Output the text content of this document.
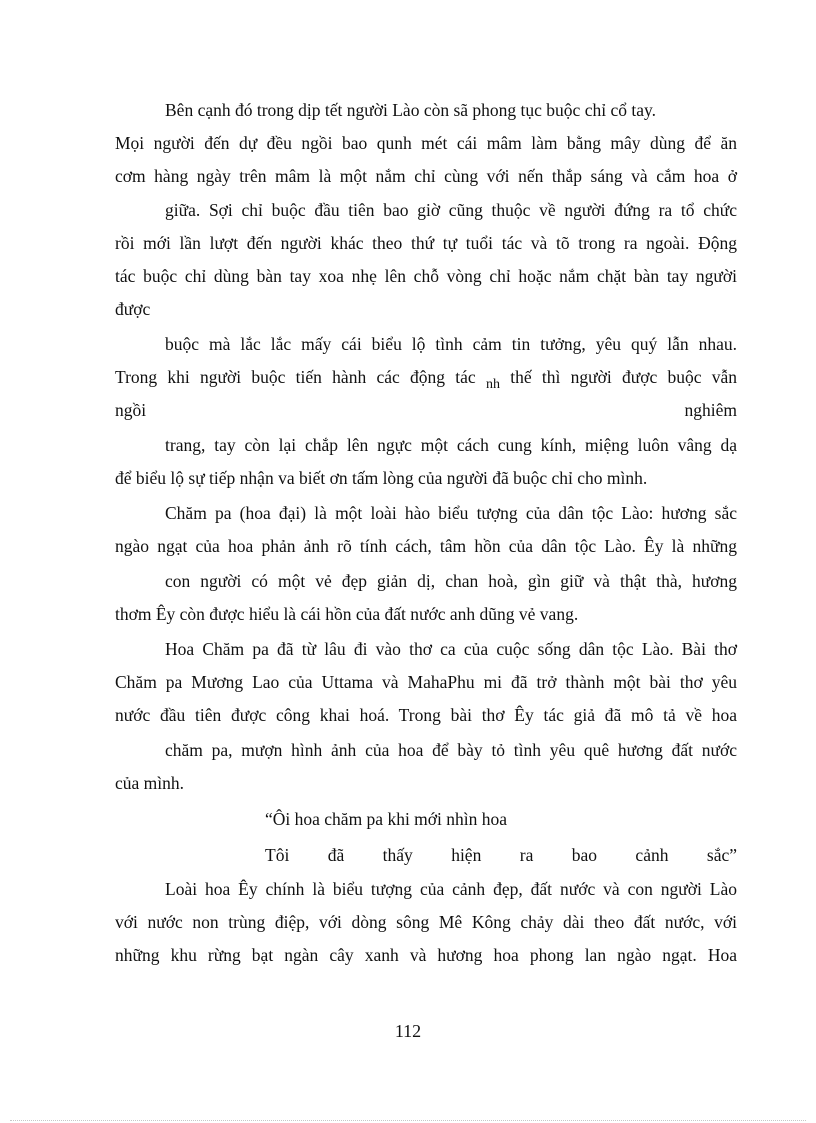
Bên cạnh đó trong dịp tết người Lào còn sã phong tục buộc chỉ cổ tay.
Mọi người đến dự đều ngồi bao qunh mét cái mâm làm bằng mây dùng để ăn
cơm hàng ngày trên mâm là một nắm chỉ cùng với nến thắp sáng và cắm hoa ở
giữa. Sợi chỉ buộc đầu tiên bao giờ cũng thuộc về người đứng ra tổ chức
rồi mới lần lượt đến người khác theo thứ tự tuổi tác và tõ trong ra ngoài. Động
tác buộc chỉ dùng bàn tay xoa nhẹ lên chỗ vòng chỉ hoặc nắm chặt bàn tay người
được
buộc mà lắc lắc mấy cái biểu lộ tình cảm tin tưởng, yêu quý lẫn nhau.
Trong khi người buộc tiến hành các động tác $_{nh}$ thế thì người được buộc vẫn
ngồi	nghiêm
trang, tay còn lại chắp lên ngực một cách cung kính, miệng luôn vâng dạ
để biểu lộ sự tiếp nhận va biết ơn tấm lòng của người đã buộc chỉ cho mình.
Chăm pa (hoa đại) là một loài hào biểu tượng của dân tộc Lào: hương sắc
ngào ngạt của hoa phản ảnh rõ tính cách, tâm hồn của dân tộc Lào. Êy là những
con người có một vẻ đẹp giản dị, chan hoà, gìn giữ và thật thà, hương
thơm Êy còn được hiểu là cái hồn của đất nước anh dũng vẻ vang.
Hoa Chăm pa đã từ lâu đi vào thơ ca của cuộc sống dân tộc Lào. Bài thơ
Chăm pa Mương Lao của Uttama và MahaPhu mi đã trở thành một bài thơ yêu
nước đầu tiên được công khai hoá. Trong bài thơ Êy tác giả đã mô tả về hoa
chăm pa, mượn hình ảnh của hoa để bày tỏ tình yêu quê hương đất nước
của mình.
“Ôi hoa chăm pa khi mới nhìn hoa
Tôi đã thấy hiện ra bao cảnh sắc”
Loài hoa Êy chính là biểu tượng của cảnh đẹp, đất nước và con người Lào
với nước non trùng điệp, với dòng sông Mê Kông chảy dài theo đất nước, với
những khu rừng bạt ngàn cây xanh và hương hoa phong lan ngào ngạt. Hoa
112
